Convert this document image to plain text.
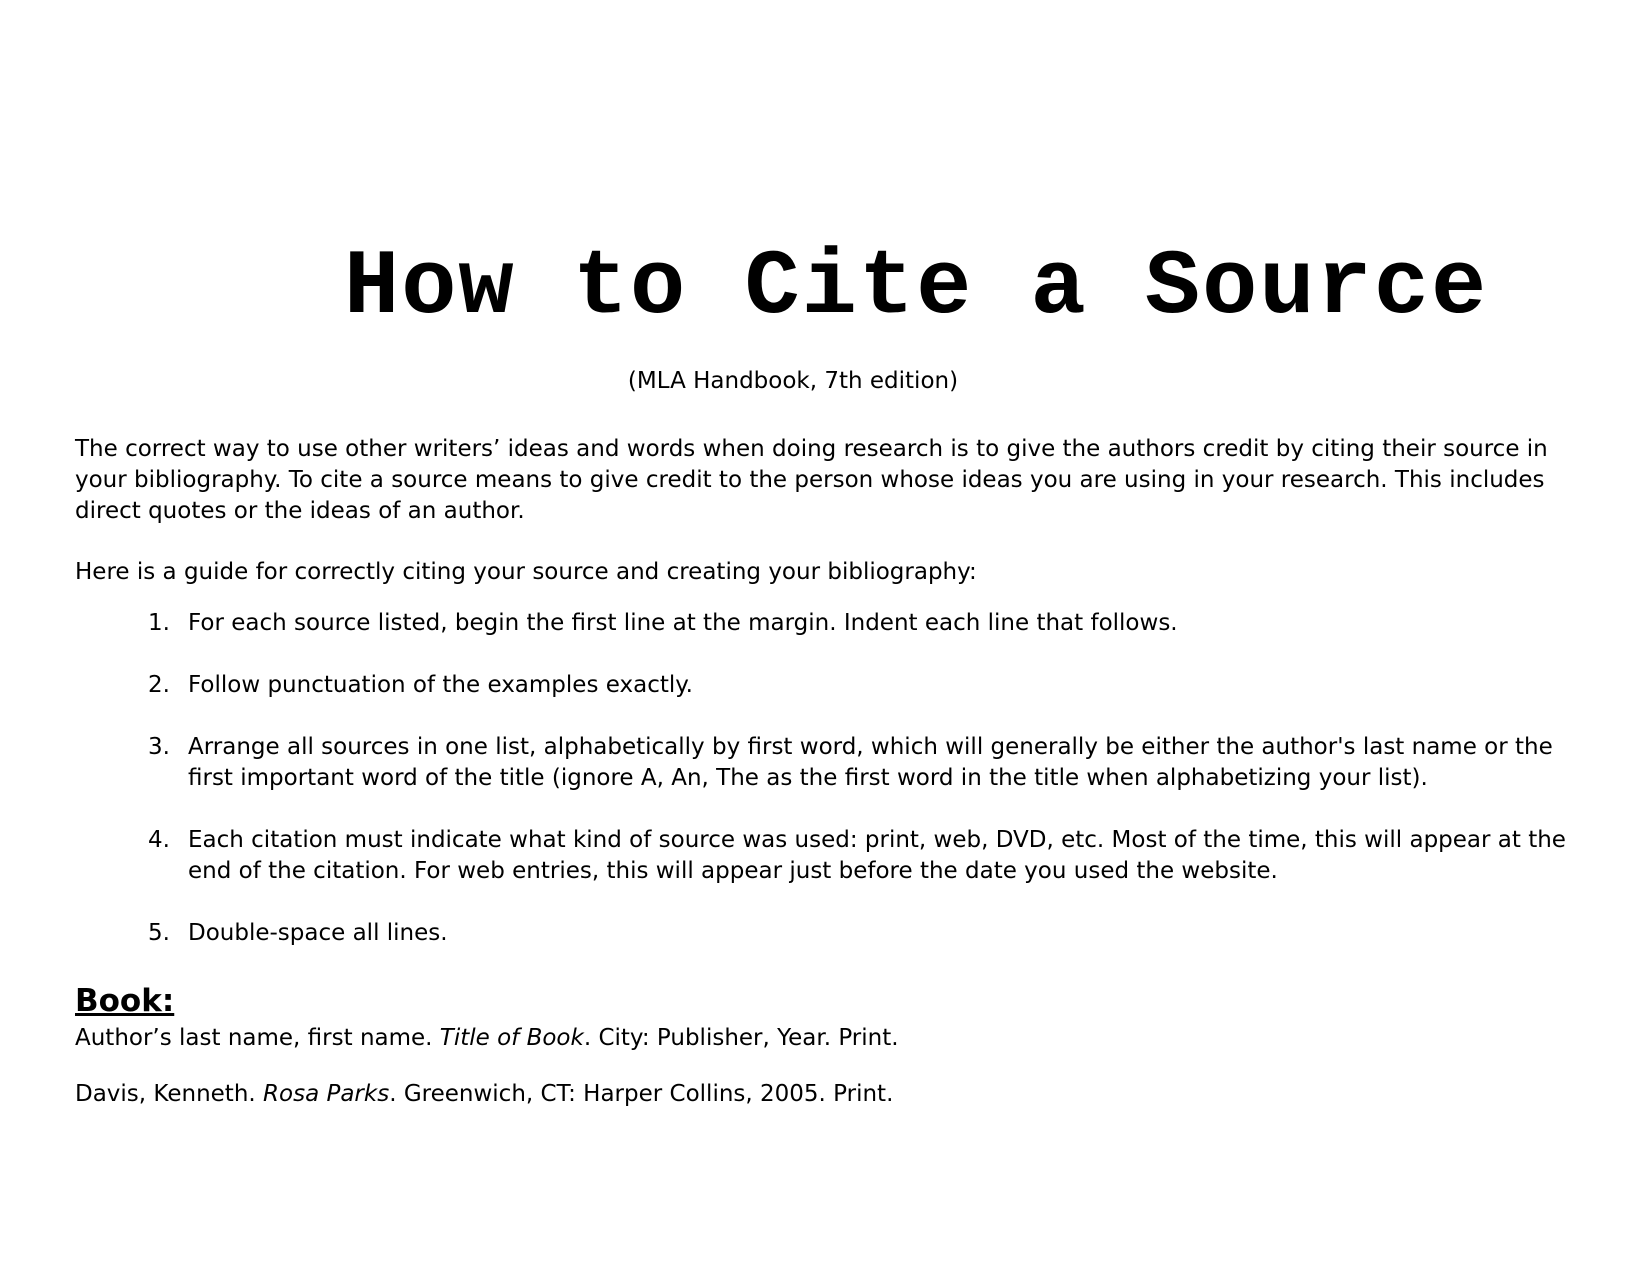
How to Cite a Source

(MLA Handbook, 7th edition)

The correct way to use other writers’ ideas and words when doing research is to give the authors credit by citing their source in your bibliography. To cite a source means to give credit to the person whose ideas you are using in your research. This includes direct quotes or the ideas of an author.

Here is a guide for correctly citing your source and creating your bibliography:

1. For each source listed, begin the first line at the margin. Indent each line that follows.
2. Follow punctuation of the examples exactly.
3. Arrange all sources in one list, alphabetically by first word, which will generally be either the author's last name or the first important word of the title (ignore A, An, The as the first word in the title when alphabetizing your list).
4. Each citation must indicate what kind of source was used: print, web, DVD, etc. Most of the time, this will appear at the end of the citation. For web entries, this will appear just before the date you used the website.
5. Double-space all lines.
Book:

Author’s last name, first name. Title of Book. City: Publisher, Year. Print.

Davis, Kenneth. Rosa Parks. Greenwich, CT: Harper Collins, 2005. Print.
